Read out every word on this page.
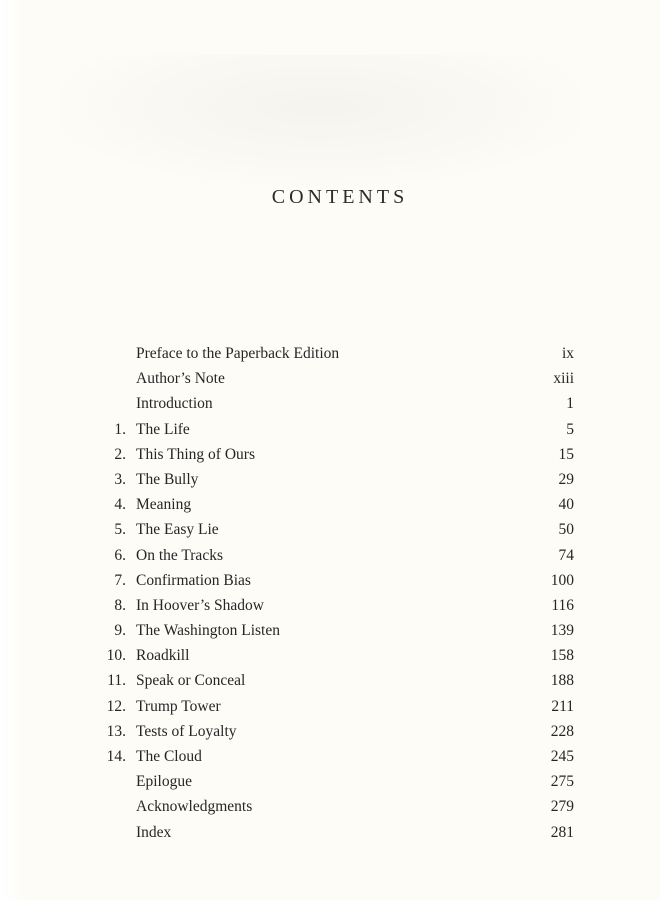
CONTENTS
Preface to the Paperback Edition	ix
Author’s Note	xiii
Introduction	1
1. The Life	5
2. This Thing of Ours	15
3. The Bully	29
4. Meaning	40
5. The Easy Lie	50
6. On the Tracks	74
7. Confirmation Bias	100
8. In Hoover’s Shadow	116
9. The Washington Listen	139
10. Roadkill	158
11. Speak or Conceal	188
12. Trump Tower	211
13. Tests of Loyalty	228
14. The Cloud	245
Epilogue	275
Acknowledgments	279
Index	281
